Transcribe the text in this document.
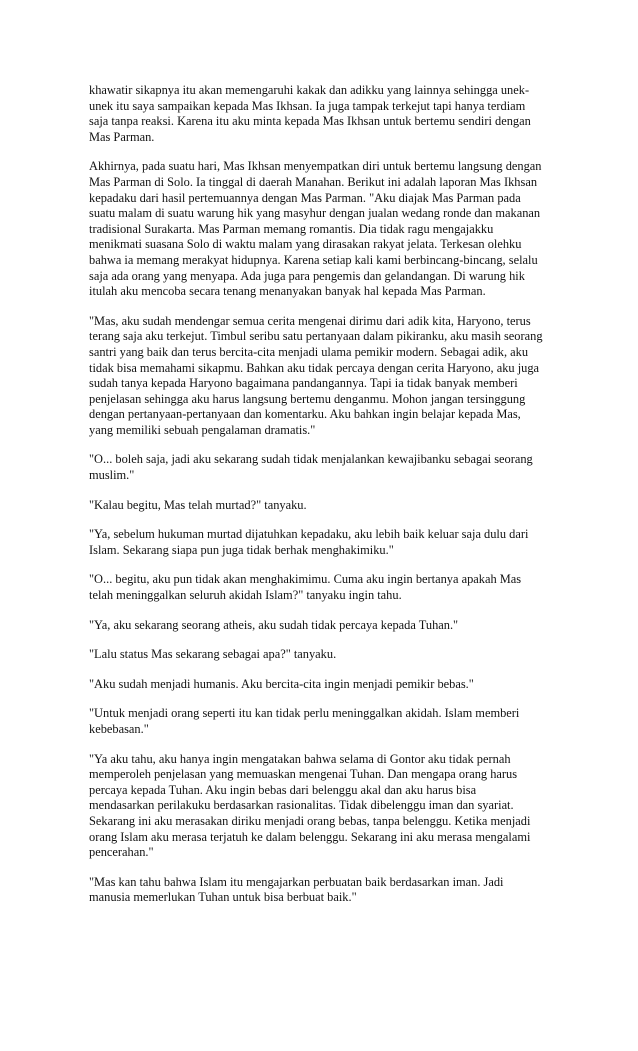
khawatir sikapnya itu akan memengaruhi kakak dan adikku yang lainnya sehingga unek-
unek itu saya sampaikan kepada Mas Ikhsan. Ia juga tampak terkejut tapi hanya terdiam
saja tanpa reaksi. Karena itu aku minta kepada Mas Ikhsan untuk bertemu sendiri dengan
Mas Parman.

Akhirnya, pada suatu hari, Mas Ikhsan menyempatkan diri untuk bertemu langsung dengan
Mas Parman di Solo. Ia tinggal di daerah Manahan. Berikut ini adalah laporan Mas Ikhsan
kepadaku dari hasil pertemuannya dengan Mas Parman. "Aku diajak Mas Parman pada
suatu malam di suatu warung hik yang masyhur dengan jualan wedang ronde dan makanan
tradisional Surakarta. Mas Parman memang romantis. Dia tidak ragu mengajakku
menikmati suasana Solo di waktu malam yang dirasakan rakyat jelata. Terkesan olehku
bahwa ia memang merakyat hidupnya. Karena setiap kali kami berbincang-bincang, selalu
saja ada orang yang menyapa. Ada juga para pengemis dan gelandangan. Di warung hik
itulah aku mencoba secara tenang menanyakan banyak hal kepada Mas Parman.

"Mas, aku sudah mendengar semua cerita mengenai dirimu dari adik kita, Haryono, terus
terang saja aku terkejut. Timbul seribu satu pertanyaan dalam pikiranku, aku masih seorang
santri yang baik dan terus bercita-cita menjadi ulama pemikir modern. Sebagai adik, aku
tidak bisa memahami sikapmu. Bahkan aku tidak percaya dengan cerita Haryono, aku juga
sudah tanya kepada Haryono bagaimana pandangannya. Tapi ia tidak banyak memberi
penjelasan sehingga aku harus langsung bertemu denganmu. Mohon jangan tersinggung
dengan pertanyaan-pertanyaan dan komentarku. Aku bahkan ingin belajar kepada Mas,
yang memiliki sebuah pengalaman dramatis."

"O... boleh saja, jadi aku sekarang sudah tidak menjalankan kewajibanku sebagai seorang
muslim."

"Kalau begitu, Mas telah murtad?" tanyaku.

"Ya, sebelum hukuman murtad dijatuhkan kepadaku, aku lebih baik keluar saja dulu dari
Islam. Sekarang siapa pun juga tidak berhak menghakimiku."

"O... begitu, aku pun tidak akan menghakimimu. Cuma aku ingin bertanya apakah Mas
telah meninggalkan seluruh akidah Islam?" tanyaku ingin tahu.

"Ya, aku sekarang seorang atheis, aku sudah tidak percaya kepada Tuhan."

"Lalu status Mas sekarang sebagai apa?" tanyaku.

"Aku sudah menjadi humanis. Aku bercita-cita ingin menjadi pemikir bebas."

"Untuk menjadi orang seperti itu kan tidak perlu meninggalkan akidah. Islam memberi
kebebasan."

"Ya aku tahu, aku hanya ingin mengatakan bahwa selama di Gontor aku tidak pernah
memperoleh penjelasan yang memuaskan mengenai Tuhan. Dan mengapa orang harus
percaya kepada Tuhan. Aku ingin bebas dari belenggu akal dan aku harus bisa
mendasarkan perilakuku berdasarkan rasionalitas. Tidak dibelenggu iman dan syariat.
Sekarang ini aku merasakan diriku menjadi orang bebas, tanpa belenggu. Ketika menjadi
orang Islam aku merasa terjatuh ke dalam belenggu. Sekarang ini aku merasa mengalami
pencerahan."

"Mas kan tahu bahwa Islam itu mengajarkan perbuatan baik berdasarkan iman. Jadi
manusia memerlukan Tuhan untuk bisa berbuat baik."
